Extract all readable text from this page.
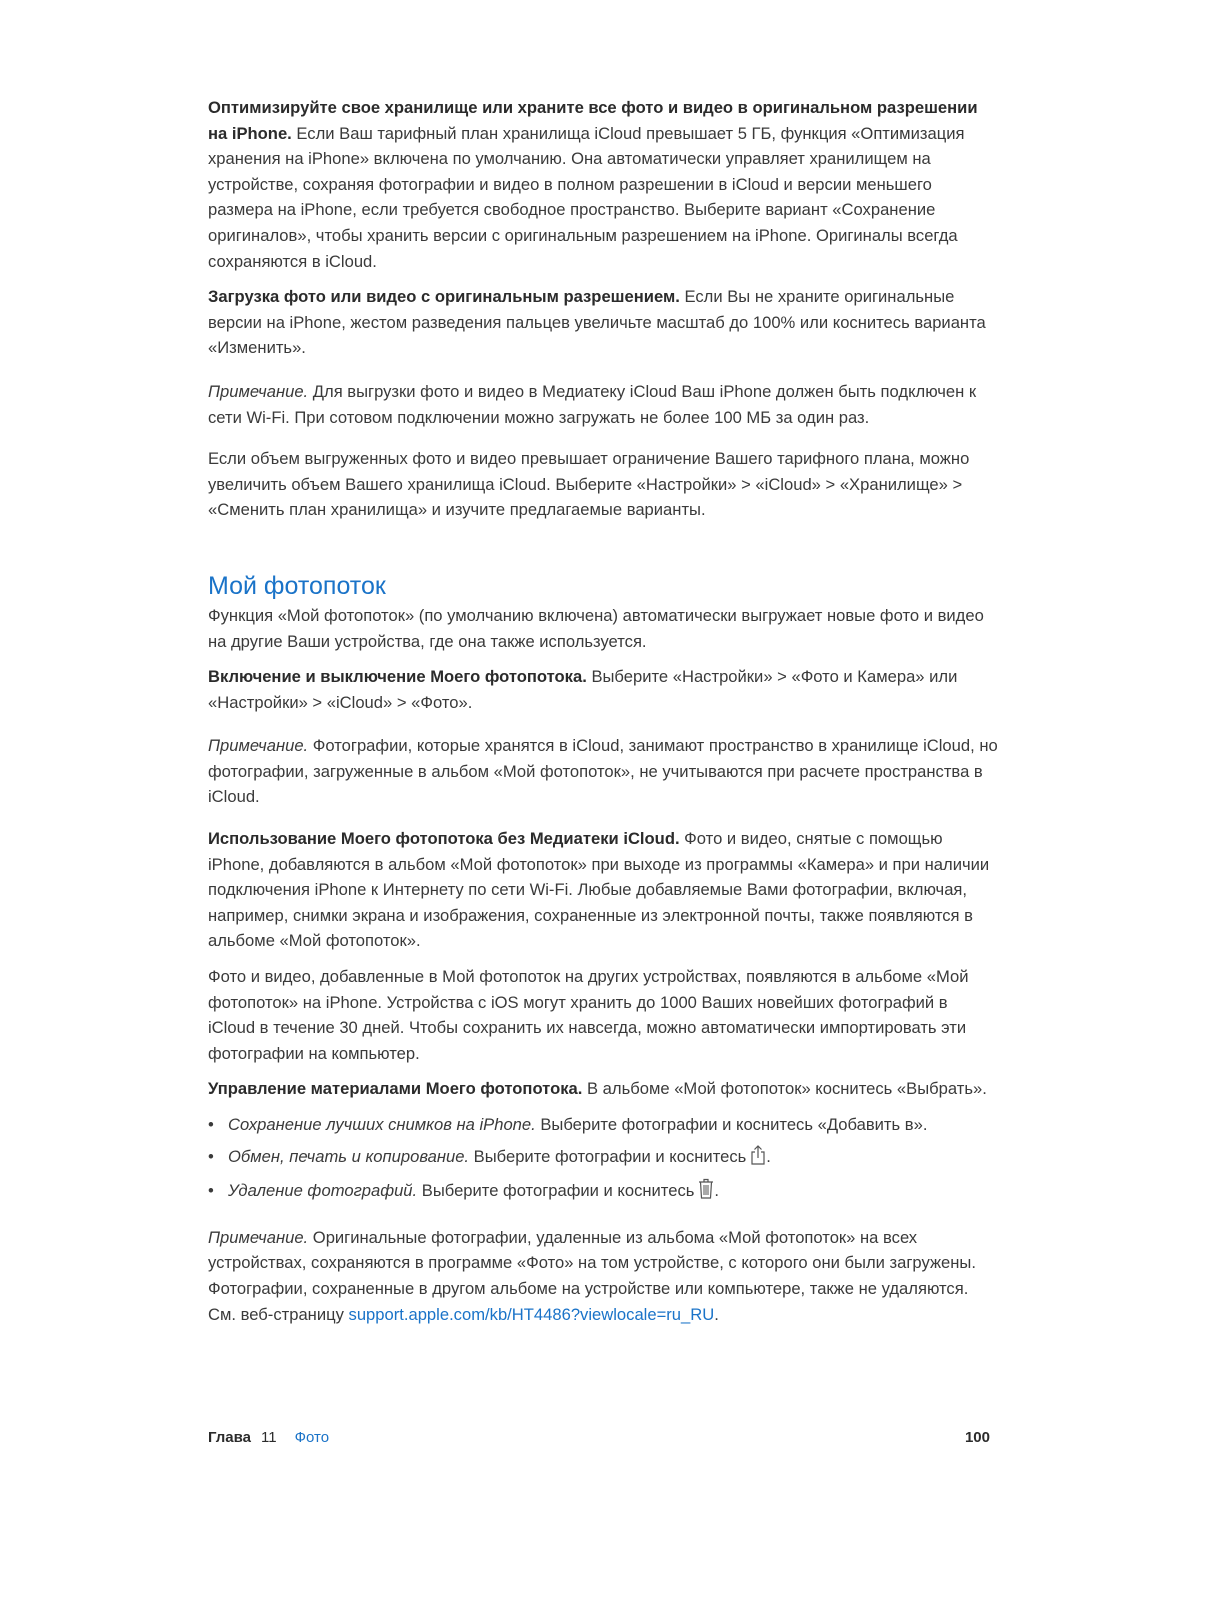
Оптимизируйте свое хранилище или храните все фото и видео в оригинальном разрешении на iPhone. Если Ваш тарифный план хранилища iCloud превышает 5 ГБ, функция «Оптимизация хранения на iPhone» включена по умолчанию. Она автоматически управляет хранилищем на устройстве, сохраняя фотографии и видео в полном разрешении в iCloud и версии меньшего размера на iPhone, если требуется свободное пространство. Выберите вариант «Сохранение оригиналов», чтобы хранить версии с оригинальным разрешением на iPhone. Оригиналы всегда сохраняются в iCloud.

Загрузка фото или видео с оригинальным разрешением. Если Вы не храните оригинальные версии на iPhone, жестом разведения пальцев увеличьте масштаб до 100% или коснитесь варианта «Изменить».

Примечание. Для выгрузки фото и видео в Медиатеку iCloud Ваш iPhone должен быть подключен к сети Wi-Fi. При сотовом подключении можно загружать не более 100 МБ за один раз.

Если объем выгруженных фото и видео превышает ограничение Вашего тарифного плана, можно увеличить объем Вашего хранилища iCloud. Выберите «Настройки» > «iCloud» > «Хранилище» > «Сменить план хранилища» и изучите предлагаемые варианты.

Мой фотопоток

Функция «Мой фотопоток» (по умолчанию включена) автоматически выгружает новые фото и видео на другие Ваши устройства, где она также используется.

Включение и выключение Моего фотопотока. Выберите «Настройки» > «Фото и Камера» или «Настройки» > «iCloud» > «Фото».

Примечание. Фотографии, которые хранятся в iCloud, занимают пространство в хранилище iCloud, но фотографии, загруженные в альбом «Мой фотопоток», не учитываются при расчете пространства в iCloud.

Использование Моего фотопотока без Медиатеки iCloud. Фото и видео, снятые с помощью iPhone, добавляются в альбом «Мой фотопоток» при выходе из программы «Камера» и при наличии подключения iPhone к Интернету по сети Wi-Fi. Любые добавляемые Вами фотографии, включая, например, снимки экрана и изображения, сохраненные из электронной почты, также появляются в альбоме «Мой фотопоток».

Фото и видео, добавленные в Мой фотопоток на других устройствах, появляются в альбоме «Мой фотопоток» на iPhone. Устройства с iOS могут хранить до 1000 Ваших новейших фотографий в iCloud в течение 30 дней. Чтобы сохранить их навсегда, можно автоматически импортировать эти фотографии на компьютер.

Управление материалами Моего фотопотока. В альбоме «Мой фотопоток» коснитесь «Выбрать».

• Сохранение лучших снимков на iPhone. Выберите фотографии и коснитесь «Добавить в».
• Обмен, печать и копирование. Выберите фотографии и коснитесь .
• Удаление фотографий. Выберите фотографии и коснитесь .

Примечание. Оригинальные фотографии, удаленные из альбома «Мой фотопоток» на всех устройствах, сохраняются в программе «Фото» на том устройстве, с которого они были загружены. Фотографии, сохраненные в другом альбоме на устройстве или компьютере, также не удаляются. См. веб-страницу support.apple.com/kb/HT4486?viewlocale=ru_RU.

Глава 11 Фото	100
